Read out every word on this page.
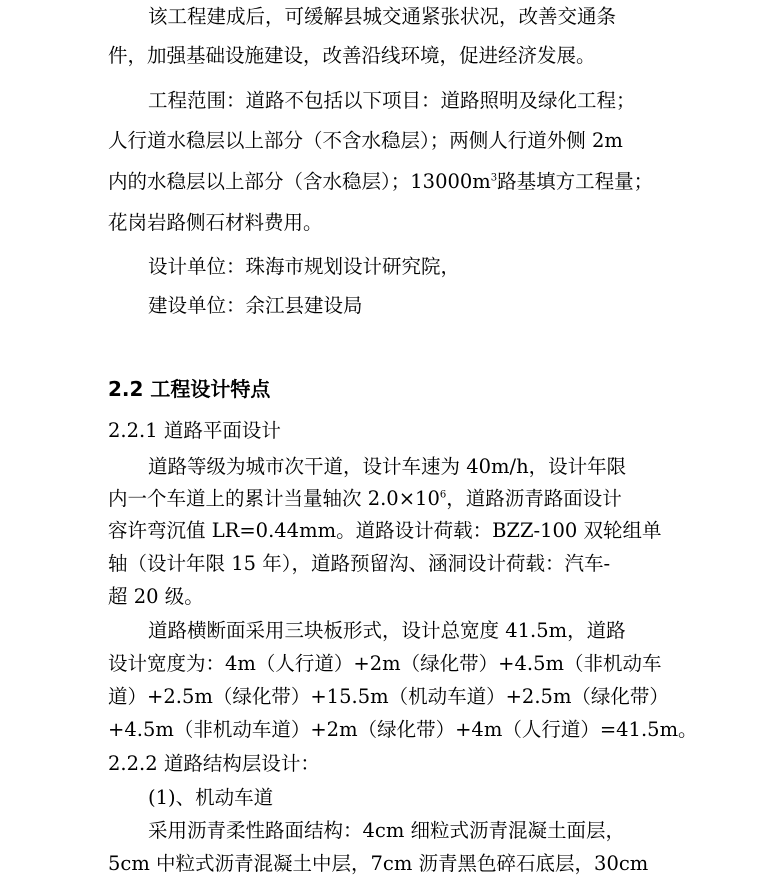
该工程建成后，可缓解县城交通紧张状况，改善交通条
件，加强基础设施建设，改善沿线环境，促进经济发展。
工程范围：道路不包括以下项目：道路照明及绿化工程；
人行道水稳层以上部分（不含水稳层）；两侧人行道外侧 2m
内的水稳层以上部分（含水稳层）；$13000m^3$路基填方工程量；
花岗岩路侧石材料费用。
设计单位：珠海市规划设计研究院，
建设单位：余江县建设局
2.2 工程设计特点
2.2.1 道路平面设计
道路等级为城市次干道，设计车速为 40m/h，设计年限
内一个车道上的累计当量轴次 $2.0\times 10^6$，道路沥青路面设计
容许弯沉值 LR=0.44mm。道路设计荷载：BZZ-100 双轮组单
轴（设计年限 15 年），道路预留沟、涵洞设计荷载：汽车-
超 20 级。
道路横断面采用三块板形式，设计总宽度 41.5m，道路
设计宽度为：4m（人行道）+2m（绿化带）+4.5m（非机动车
道）+2.5m（绿化带）+15.5m（机动车道）+2.5m（绿化带）
+4.5m（非机动车道）+2m（绿化带）+4m（人行道）=41.5m。
2.2.2 道路结构层设计：
(1)、机动车道
采用沥青柔性路面结构：4cm 细粒式沥青混凝土面层，
5cm 中粒式沥青混凝土中层，7cm 沥青黑色碎石底层，30cm
